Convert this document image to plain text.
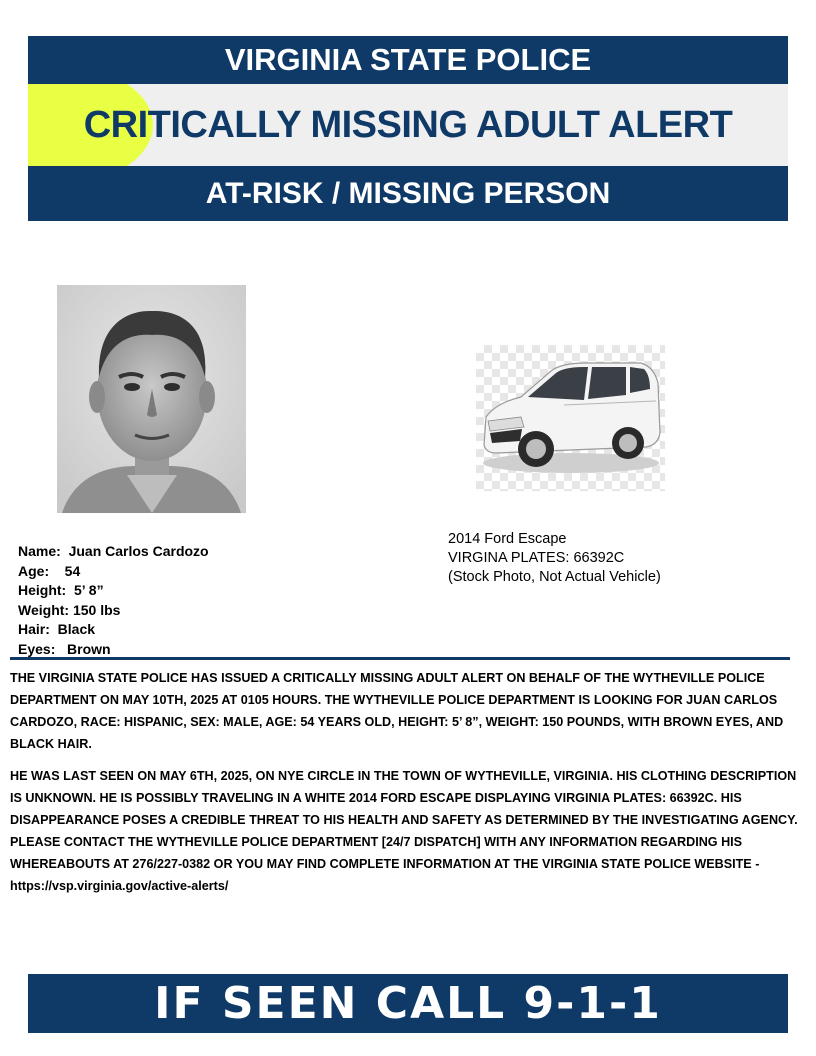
VIRGINIA STATE POLICE
CRITICALLY MISSING ADULT ALERT
AT-RISK / MISSING PERSON
Name:  Juan Carlos Cardozo
Age:    54
Height:  5’ 8”
Weight: 150 lbs
Hair:  Black
Eyes:   Brown
2014 Ford Escape
VIRGINA PLATES: 66392C
(Stock Photo, Not Actual Vehicle)

THE VIRGINIA STATE POLICE HAS ISSUED A CRITICALLY MISSING ADULT ALERT ON BEHALF OF THE WYTHEVILLE POLICE DEPARTMENT ON MAY 10TH, 2025 AT 0105 HOURS. THE WYTHEVILLE POLICE DEPARTMENT IS LOOKING FOR JUAN CARLOS CARDOZO, RACE: HISPANIC, SEX: MALE, AGE: 54 YEARS OLD, HEIGHT: 5’ 8”, WEIGHT: 150 POUNDS, WITH BROWN EYES, AND BLACK HAIR.

HE WAS LAST SEEN ON MAY 6TH, 2025, ON NYE CIRCLE IN THE TOWN OF WYTHEVILLE, VIRGINIA. HIS CLOTHING DESCRIPTION IS UNKNOWN. HE IS POSSIBLY TRAVELING IN A WHITE 2014 FORD ESCAPE DISPLAYING VIRGINIA PLATES: 66392C. HIS DISAPPEARANCE POSES A CREDIBLE THREAT TO HIS HEALTH AND SAFETY AS DETERMINED BY THE INVESTIGATING AGENCY. PLEASE CONTACT THE WYTHEVILLE POLICE DEPARTMENT [24/7 DISPATCH] WITH ANY INFORMATION REGARDING HIS WHEREABOUTS AT 276/227-0382 OR YOU MAY FIND COMPLETE INFORMATION AT THE VIRGINIA STATE POLICE WEBSITE -

https://vsp.virginia.gov/active-alerts/
IF SEEN CALL 9-1-1
